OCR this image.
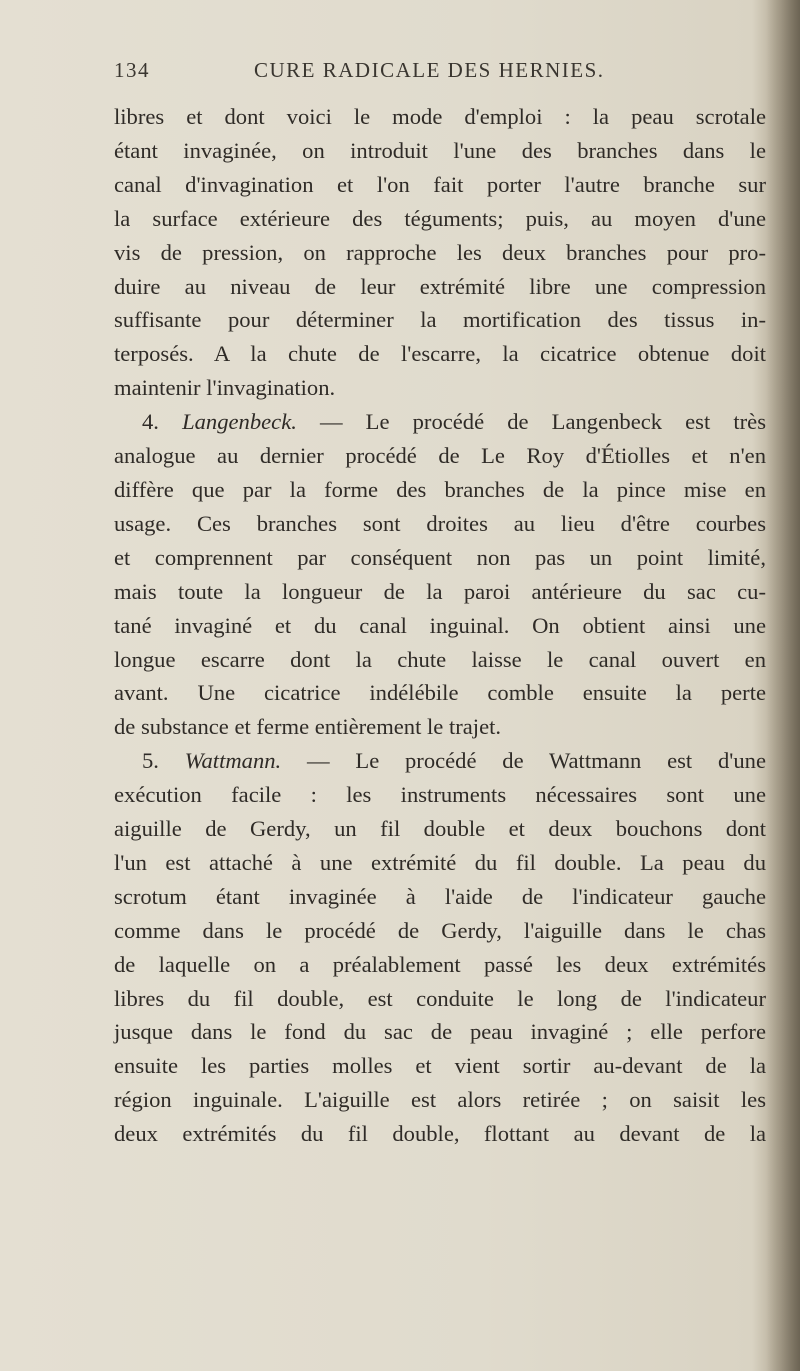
134	CURE RADICALE DES HERNIES.
libres et dont voici le mode d'emploi : la peau scrotale
étant invaginée, on introduit l'une des branches dans le
canal d'invagination et l'on fait porter l'autre branche sur
la surface extérieure des téguments; puis, au moyen d'une
vis de pression, on rapproche les deux branches pour pro-
duire au niveau de leur extrémité libre une compression
suffisante pour déterminer la mortification des tissus in-
terposés. A la chute de l'escarre, la cicatrice obtenue doit
maintenir l'invagination.
4. Langenbeck. — Le procédé de Langenbeck est très
analogue au dernier procédé de Le Roy d'Étiolles et n'en
diffère que par la forme des branches de la pince mise en
usage. Ces branches sont droites au lieu d'être courbes
et comprennent par conséquent non pas un point limité,
mais toute la longueur de la paroi antérieure du sac cu-
tané invaginé et du canal inguinal. On obtient ainsi une
longue escarre dont la chute laisse le canal ouvert en
avant. Une cicatrice indélébile comble ensuite la perte
de substance et ferme entièrement le trajet.
5. Wattmann. — Le procédé de Wattmann est d'une
exécution facile : les instruments nécessaires sont une
aiguille de Gerdy, un fil double et deux bouchons dont
l'un est attaché à une extrémité du fil double. La peau du
scrotum étant invaginée à l'aide de l'indicateur gauche
comme dans le procédé de Gerdy, l'aiguille dans le chas
de laquelle on a préalablement passé les deux extrémités
libres du fil double, est conduite le long de l'indicateur
jusque dans le fond du sac de peau invaginé ; elle perfore
ensuite les parties molles et vient sortir au-devant de la
région inguinale. L'aiguille est alors retirée ; on saisit les
deux extrémités du fil double, flottant au devant de la
